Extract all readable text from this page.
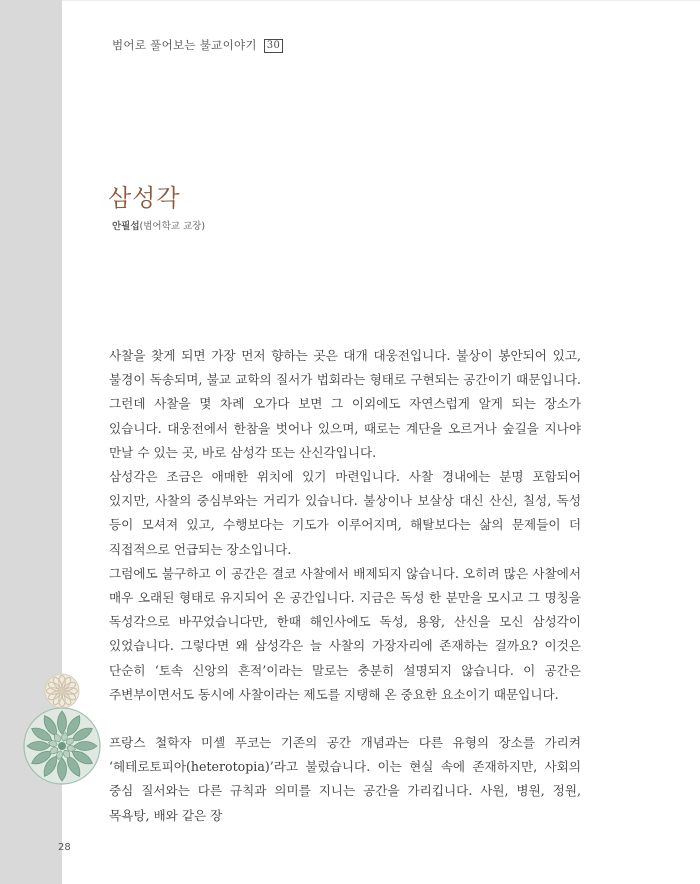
범어로 풀어보는 불교이야기 30
삼성각
안필섭(범어학교 교장)

사찰을 찾게 되면 가장 먼저 향하는 곳은 대개 대웅전입니다. 불상이 봉안되어 있고, 불경이 독송되며, 불교 교학의 질서가 법회라는 형태로 구현되는 공간이기 때문입니다. 그런데 사찰을 몇 차례 오가다 보면 그 이외에도 자연스럽게 알게 되는 장소가 있습니다. 대웅전에서 한참을 벗어나 있으며, 때로는 계단을 오르거나 숲길을 지나야 만날 수 있는 곳, 바로 삼성각 또는 산신각입니다.

삼성각은 조금은 애매한 위치에 있기 마련입니다. 사찰 경내에는 분명 포함되어 있지만, 사찰의 중심부와는 거리가 있습니다. 불상이나 보살상 대신 산신, 칠성, 독성 등이 모셔져 있고, 수행보다는 기도가 이루어지며, 해탈보다는 삶의 문제들이 더 직접적으로 언급되는 장소입니다.

그럼에도 불구하고 이 공간은 결코 사찰에서 배제되지 않습니다. 오히려 많은 사찰에서 매우 오래된 형태로 유지되어 온 공간입니다. 지금은 독성 한 분만을 모시고 그 명칭을 독성각으로 바꾸었습니다만, 한때 해인사에도 독성, 용왕, 산신을 모신 삼성각이 있었습니다. 그렇다면 왜 삼성각은 늘 사찰의 가장자리에 존재하는 걸까요? 이것은 단순히 ‘토속 신앙의 흔적’이라는 말로는 충분히 설명되지 않습니다. 이 공간은 주변부이면서도 동시에 사찰이라는 제도를 지탱해 온 중요한 요소이기 때문입니다.

프랑스 철학자 미셸 푸코는 기존의 공간 개념과는 다른 유형의 장소를 가리켜 ‘헤테로토피아(heterotopia)’라고 불렀습니다. 이는 현실 속에 존재하지만, 사회의 중심 질서와는 다른 규칙과 의미를 지니는 공간을 가리킵니다. 사원, 병원, 정원, 목욕탕, 배와 같은 장

28
